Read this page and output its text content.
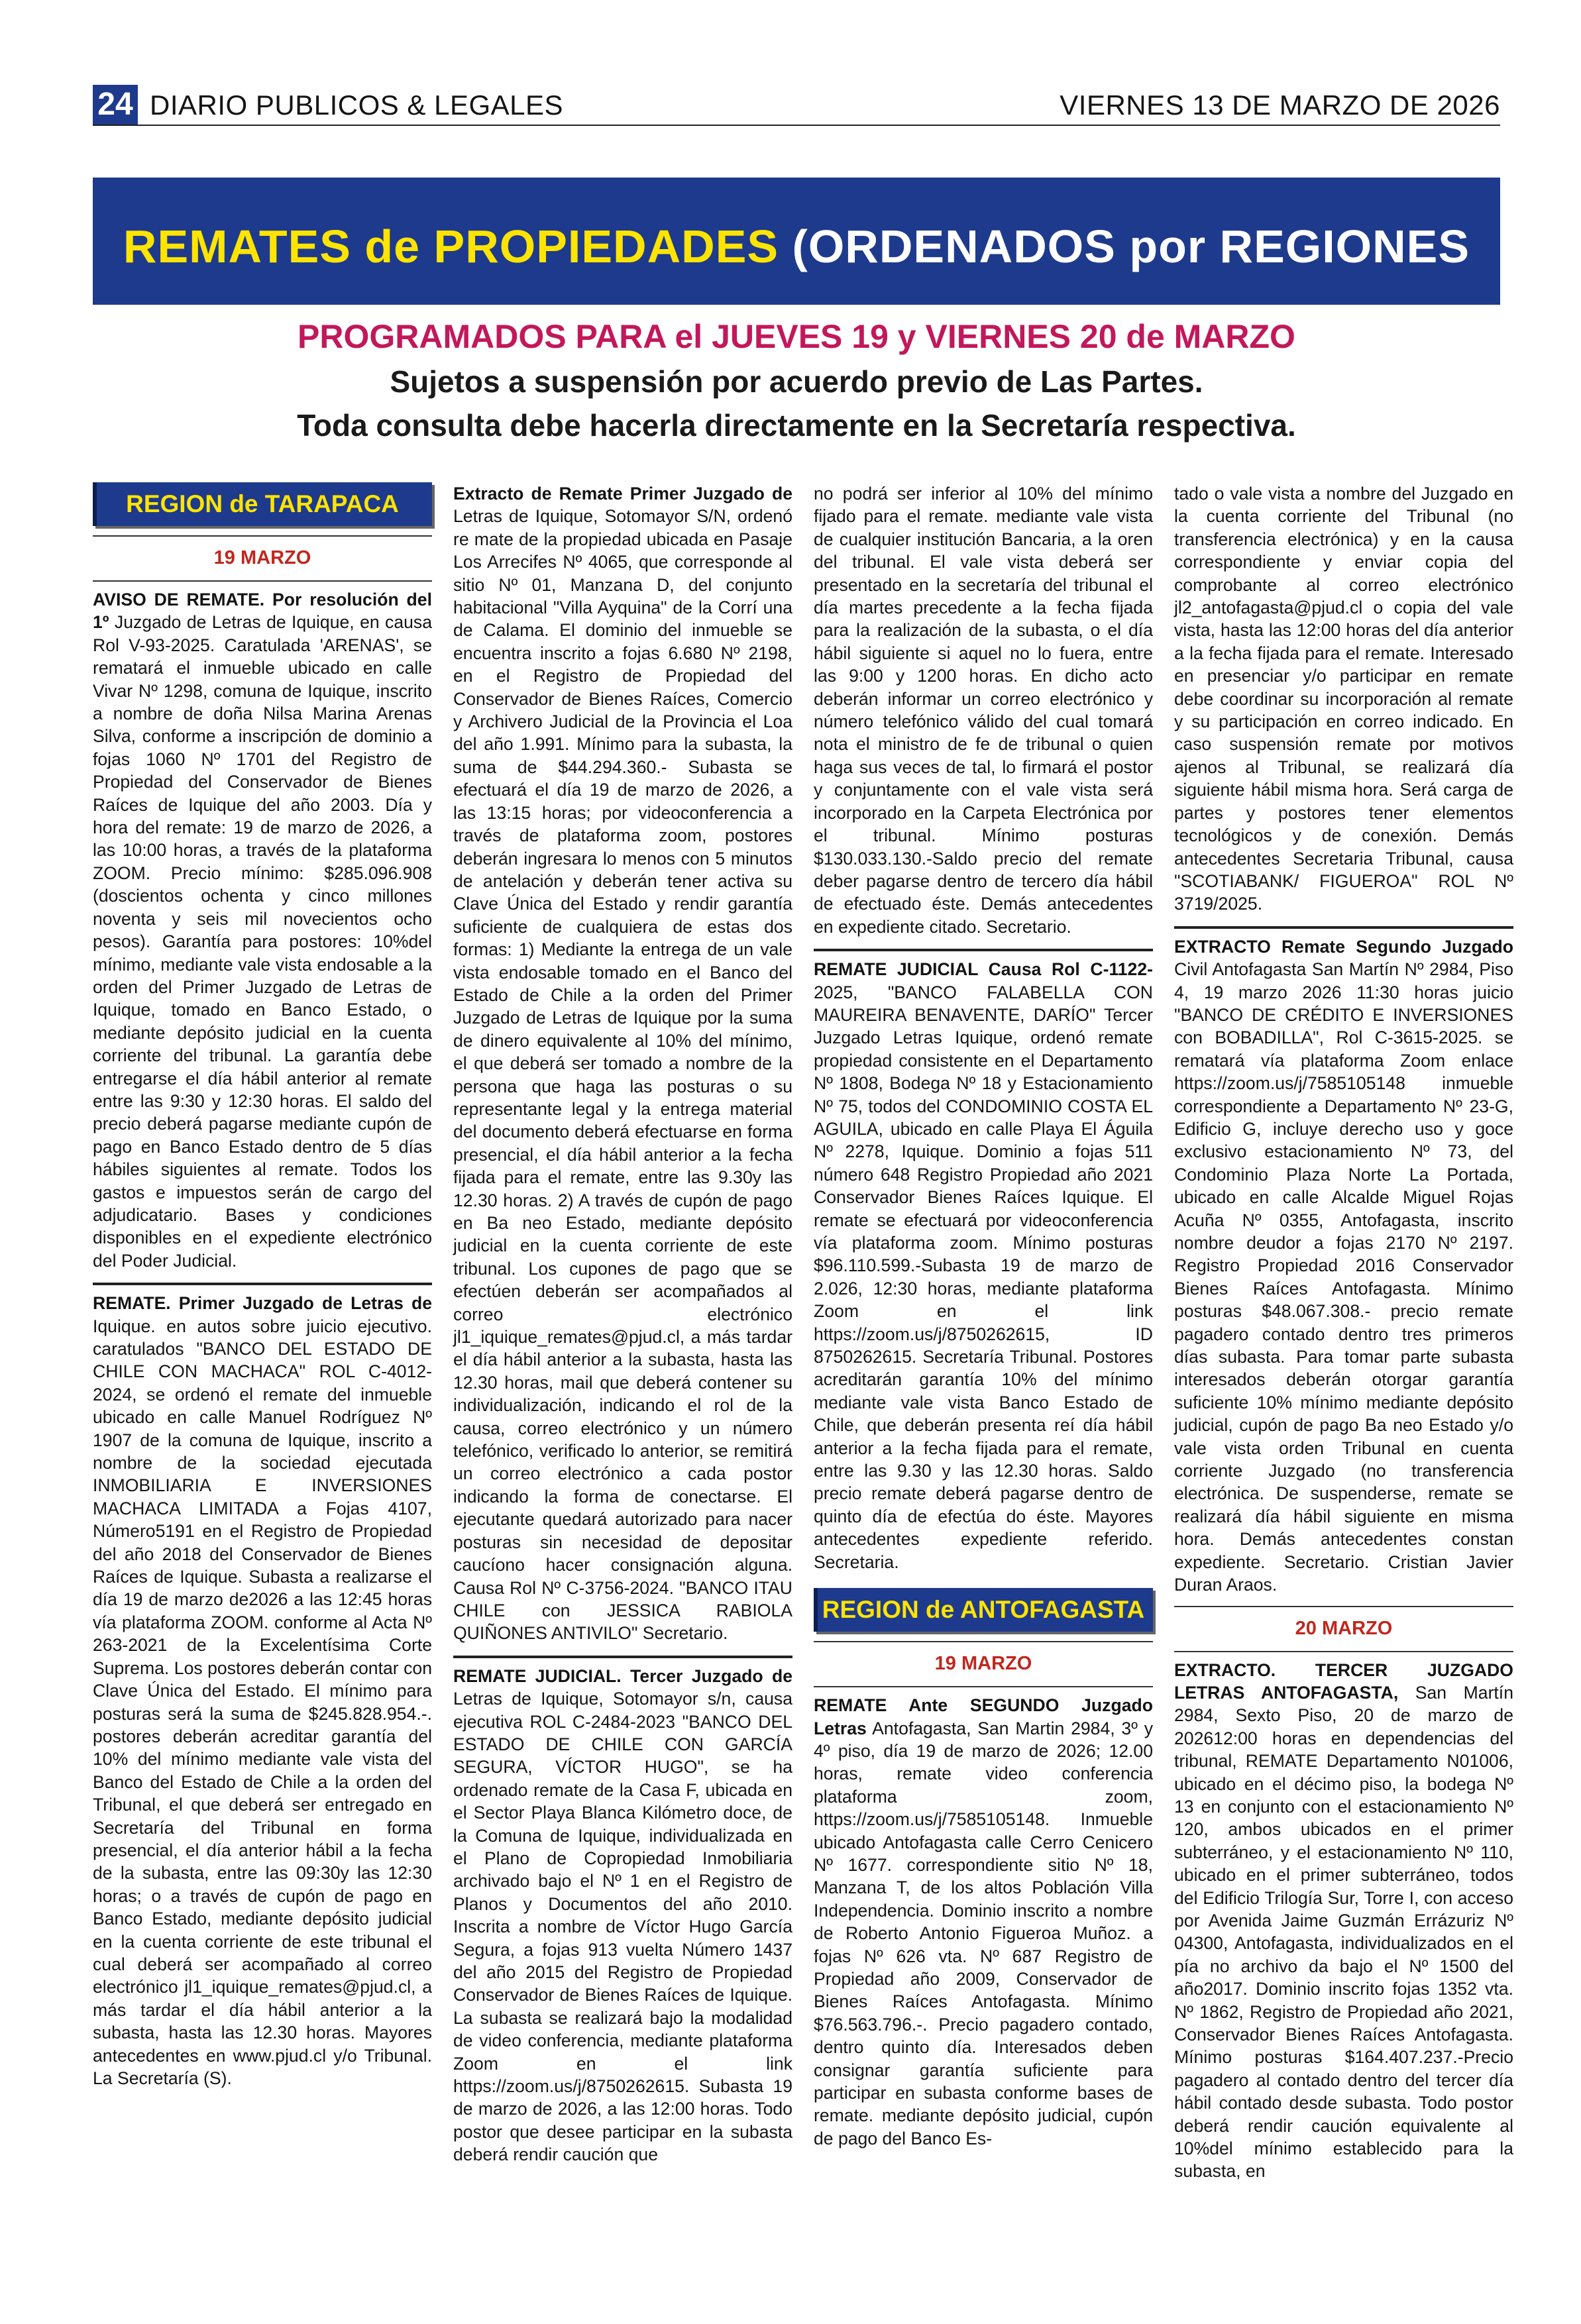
24 DIARIO PUBLICOS & LEGALES	VIERNES 13 DE MARZO DE 2026
REMATES de PROPIEDADES (ORDENADOS por REGIONES
PROGRAMADOS PARA el JUEVES 19 y VIERNES 20 de MARZO
Sujetos a suspensión por acuerdo previo de Las Partes.
Toda consulta debe hacerla directamente en la Secretaría respectiva.
REGION de TARAPACA
19 MARZO

AVISO DE REMATE. Por resolución del 1º Juzgado de Letras de Iquique, en causa Rol V-93-2025. Caratulada 'ARENAS', se rematará el inmueble ubicado en calle Vivar Nº 1298, comuna de Iquique, inscrito a nombre de doña Nilsa Marina Arenas Silva, conforme a inscripción de dominio a fojas 1060 Nº 1701 del Registro de Propiedad del Conservador de Bienes Raíces de Iquique del año 2003. Día y hora del remate: 19 de marzo de 2026, a las 10:00 horas, a través de la plataforma ZOOM. Precio mínimo: $285.096.908 (doscientos ochenta y cinco millones noventa y seis mil novecientos ocho pesos). Garantía para postores: 10%del mínimo, mediante vale vista endosable a la orden del Primer Juzgado de Letras de Iquique, tomado en Banco Estado, o mediante depósito judicial en la cuenta corriente del tribunal. La garantía debe entregarse el día hábil anterior al remate entre las 9:30 y 12:30 horas. El saldo del precio deberá pagarse mediante cupón de pago en Banco Estado dentro de 5 días hábiles siguientes al remate. Todos los gastos e impuestos serán de cargo del adjudicatario. Bases y condiciones disponibles en el expediente electrónico del Poder Judicial.

REMATE. Primer Juzgado de Letras de Iquique. en autos sobre juicio ejecutivo. caratulados "BANCO DEL ESTADO DE CHILE CON MACHACA" ROL C-4012-2024, se ordenó el remate del inmueble ubicado en calle Manuel Rodríguez Nº 1907 de la comuna de Iquique, inscrito a nombre de la sociedad ejecutada INMOBILIARIA E INVERSIONES MACHACA LIMITADA a Fojas 4107, Número5191 en el Registro de Propiedad del año 2018 del Conservador de Bienes Raíces de Iquique. Subasta a realizarse el día 19 de marzo de2026 a las 12:45 horas vía plataforma ZOOM. conforme al Acta Nº 263-2021 de la Excelentísima Corte Suprema. Los postores deberán contar con Clave Única del Estado. El mínimo para posturas será la suma de $245.828.954.-. postores deberán acreditar garantía del 10% del mínimo mediante vale vista del Banco del Estado de Chile a la orden del Tribunal, el que deberá ser entregado en Secretaría del Tribunal en forma presencial, el día anterior hábil a la fecha de la subasta, entre las 09:30y las 12:30 horas; o a través de cupón de pago en Banco Estado, mediante depósito judicial en la cuenta corriente de este tribunal el cual deberá ser acompañado al correo electrónico jl1_iquique_remates@pjud.cl, a más tardar el día hábil anterior a la subasta, hasta las 12.30 horas. Mayores antecedentes en www.pjud.cl y/o Tribunal. La Secretaría (S).

Extracto de Remate Primer Juzgado de Letras de Iquique, Sotomayor S/N, ordenó re mate de la propiedad ubicada en Pasaje Los Arrecifes Nº 4065, que corresponde al sitio Nº 01, Manzana D, del conjunto habitacional "Villa Ayquina" de la Corrí una de Calama. El dominio del inmueble se encuentra inscrito a fojas 6.680 Nº 2198, en el Registro de Propiedad del Conservador de Bienes Raíces, Comercio y Archivero Judicial de la Provincia el Loa del año 1.991. Mínimo para la subasta, la suma de $44.294.360.- Subasta se efectuará el día 19 de marzo de 2026, a las 13:15 horas; por videoconferencia a través de plataforma zoom, postores deberán ingresara lo menos con 5 minutos de antelación y deberán tener activa su Clave Única del Estado y rendir garantía suficiente de cualquiera de estas dos formas: 1) Mediante la entrega de un vale vista endosable tomado en el Banco del Estado de Chile a la orden del Primer Juzgado de Letras de Iquique por la suma de dinero equivalente al 10% del mínimo, el que deberá ser tomado a nombre de la persona que haga las posturas o su representante legal y la entrega material del documento deberá efectuarse en forma presencial, el día hábil anterior a la fecha fijada para el remate, entre las 9.30y las 12.30 horas. 2) A través de cupón de pago en Ba neo Estado, mediante depósito judicial en la cuenta corriente de este tribunal. Los cupones de pago que se efectúen deberán ser acompañados al correo electrónico jl1_iquique_remates@pjud.cl, a más tardar el día hábil anterior a la subasta, hasta las 12.30 horas, mail que deberá contener su individualización, indicando el rol de la causa, correo electrónico y un número telefónico, verificado lo anterior, se remitirá un correo electrónico a cada postor indicando la forma de conectarse. El ejecutante quedará autorizado para nacer posturas sin necesidad de depositar caucíono hacer consignación alguna. Causa Rol Nº C-3756-2024. "BANCO ITAU CHILE con JESSICA RABIOLA QUIÑONES ANTIVILO" Secretario.

REMATE JUDICIAL. Tercer Juzgado de Letras de Iquique, Sotomayor s/n, causa ejecutiva ROL C-2484-2023 "BANCO DEL ESTADO DE CHILE CON GARCÍA SEGURA, VÍCTOR HUGO", se ha ordenado remate de la Casa F, ubicada en el Sector Playa Blanca Kilómetro doce, de la Comuna de Iquique, individualizada en el Plano de Copropiedad Inmobiliaria archivado bajo el Nº 1 en el Registro de Planos y Documentos del año 2010. Inscrita a nombre de Víctor Hugo García Segura, a fojas 913 vuelta Número 1437 del año 2015 del Registro de Propiedad Conservador de Bienes Raíces de Iquique. La subasta se realizará bajo la modalidad de video conferencia, mediante plataforma Zoom en el link https://zoom.us/j/8750262615. Subasta 19 de marzo de 2026, a las 12:00 horas. Todo postor que desee participar en la subasta deberá rendir caución que

no podrá ser inferior al 10% del mínimo fijado para el remate. mediante vale vista de cualquier institución Bancaria, a la oren del tribunal. El vale vista deberá ser presentado en la secretaría del tribunal el día martes precedente a la fecha fijada para la realización de la subasta, o el día hábil siguiente si aquel no lo fuera, entre las 9:00 y 1200 horas. En dicho acto deberán informar un correo electrónico y número telefónico válido del cual tomará nota el ministro de fe de tribunal o quien haga sus veces de tal, lo firmará el postor y conjuntamente con el vale vista será incorporado en la Carpeta Electrónica por el tribunal. Mínimo posturas $130.033.130.-Saldo precio del remate deber pagarse dentro de tercero día hábil de efectuado éste. Demás antecedentes en expediente citado. Secretario.

REMATE JUDICIAL Causa Rol C-1122-2025, "BANCO FALABELLA CON MAUREIRA BENAVENTE, DARÍO" Tercer Juzgado Letras Iquique, ordenó remate propiedad consistente en el Departamento Nº 1808, Bodega Nº 18 y Estacionamiento Nº 75, todos del CONDOMINIO COSTA EL AGUILA, ubicado en calle Playa El Águila Nº 2278, Iquique. Dominio a fojas 511 número 648 Registro Propiedad año 2021 Conservador Bienes Raíces Iquique. El remate se efectuará por videoconferencia vía plataforma zoom. Mínimo posturas $96.110.599.-Subasta 19 de marzo de 2.026, 12:30 horas, mediante plataforma Zoom en el link https://zoom.us/j/8750262615, ID 8750262615. Secretaría Tribunal. Postores acreditarán garantía 10% del mínimo mediante vale vista Banco Estado de Chile, que deberán presenta reí día hábil anterior a la fecha fijada para el remate, entre las 9.30 y las 12.30 horas. Saldo precio remate deberá pagarse dentro de quinto día de efectúa do éste. Mayores antecedentes expediente referido. Secretaria.

REGION de ANTOFAGASTA
19 MARZO

REMATE Ante SEGUNDO Juzgado Letras Antofagasta, San Martin 2984, 3º y 4º piso, día 19 de marzo de 2026; 12.00 horas, remate video conferencia plataforma zoom, https://zoom.us/j/7585105148. Inmueble ubicado Antofagasta calle Cerro Cenicero Nº 1677. correspondiente sitio Nº 18, Manzana T, de los altos Población Villa Independencia. Dominio inscrito a nombre de Roberto Antonio Figueroa Muñoz. a fojas Nº 626 vta. Nº 687 Registro de Propiedad año 2009, Conservador de Bienes Raíces Antofagasta. Mínimo $76.563.796.-. Precio pagadero contado, dentro quinto día. Interesados deben consignar garantía suficiente para participar en subasta conforme bases de remate. mediante depósito judicial, cupón de pago del Banco Es-

tado o vale vista a nombre del Juzgado en la cuenta corriente del Tribunal (no transferencia electrónica) y en la causa correspondiente y enviar copia del comprobante al correo electrónico jl2_antofagasta@pjud.cl o copia del vale vista, hasta las 12:00 horas del día anterior a la fecha fijada para el remate. Interesado en presenciar y/o participar en remate debe coordinar su incorporación al remate y su participación en correo indicado. En caso suspensión remate por motivos ajenos al Tribunal, se realizará día siguiente hábil misma hora. Será carga de partes y postores tener elementos tecnológicos y de conexión. Demás antecedentes Secretaria Tribunal, causa "SCOTIABANK/ FIGUEROA" ROL Nº 3719/2025.

EXTRACTO Remate Segundo Juzgado Civil Antofagasta San Martín Nº 2984, Piso 4, 19 marzo 2026 11:30 horas juicio "BANCO DE CRÉDITO E INVERSIONES con BOBADILLA", Rol C-3615-2025. se rematará vía plataforma Zoom enlace https://zoom.us/j/7585105148 inmueble correspondiente a Departamento Nº 23-G, Edificio G, incluye derecho uso y goce exclusivo estacionamiento Nº 73, del Condominio Plaza Norte La Portada, ubicado en calle Alcalde Miguel Rojas Acuña Nº 0355, Antofagasta, inscrito nombre deudor a fojas 2170 Nº 2197. Registro Propiedad 2016 Conservador Bienes Raíces Antofagasta. Mínimo posturas $48.067.308.- precio remate pagadero contado dentro tres primeros días subasta. Para tomar parte subasta interesados deberán otorgar garantía suficiente 10% mínimo mediante depósito judicial, cupón de pago Ba neo Estado y/o vale vista orden Tribunal en cuenta corriente Juzgado (no transferencia electrónica. De suspenderse, remate se realizará día hábil siguiente en misma hora. Demás antecedentes constan expediente. Secretario. Cristian Javier Duran Araos.

20 MARZO

EXTRACTO. TERCER JUZGADO LETRAS ANTOFAGASTA, San Martín 2984, Sexto Piso, 20 de marzo de 202612:00 horas en dependencias del tribunal, REMATE Departamento N01006, ubicado en el décimo piso, la bodega Nº 13 en conjunto con el estacionamiento Nº 120, ambos ubicados en el primer subterráneo, y el estacionamiento Nº 110, ubicado en el primer subterráneo, todos del Edificio Trilogía Sur, Torre I, con acceso por Avenida Jaime Guzmán Errázuriz Nº 04300, Antofagasta, individualizados en el pía no archivo da bajo el Nº 1500 del año2017. Dominio inscrito fojas 1352 vta. Nº 1862, Registro de Propiedad año 2021, Conservador Bienes Raíces Antofagasta. Mínimo posturas $164.407.237.-Precio pagadero al contado dentro del tercer día hábil contado desde subasta. Todo postor deberá rendir caución equivalente al 10%del mínimo establecido para la subasta, en
